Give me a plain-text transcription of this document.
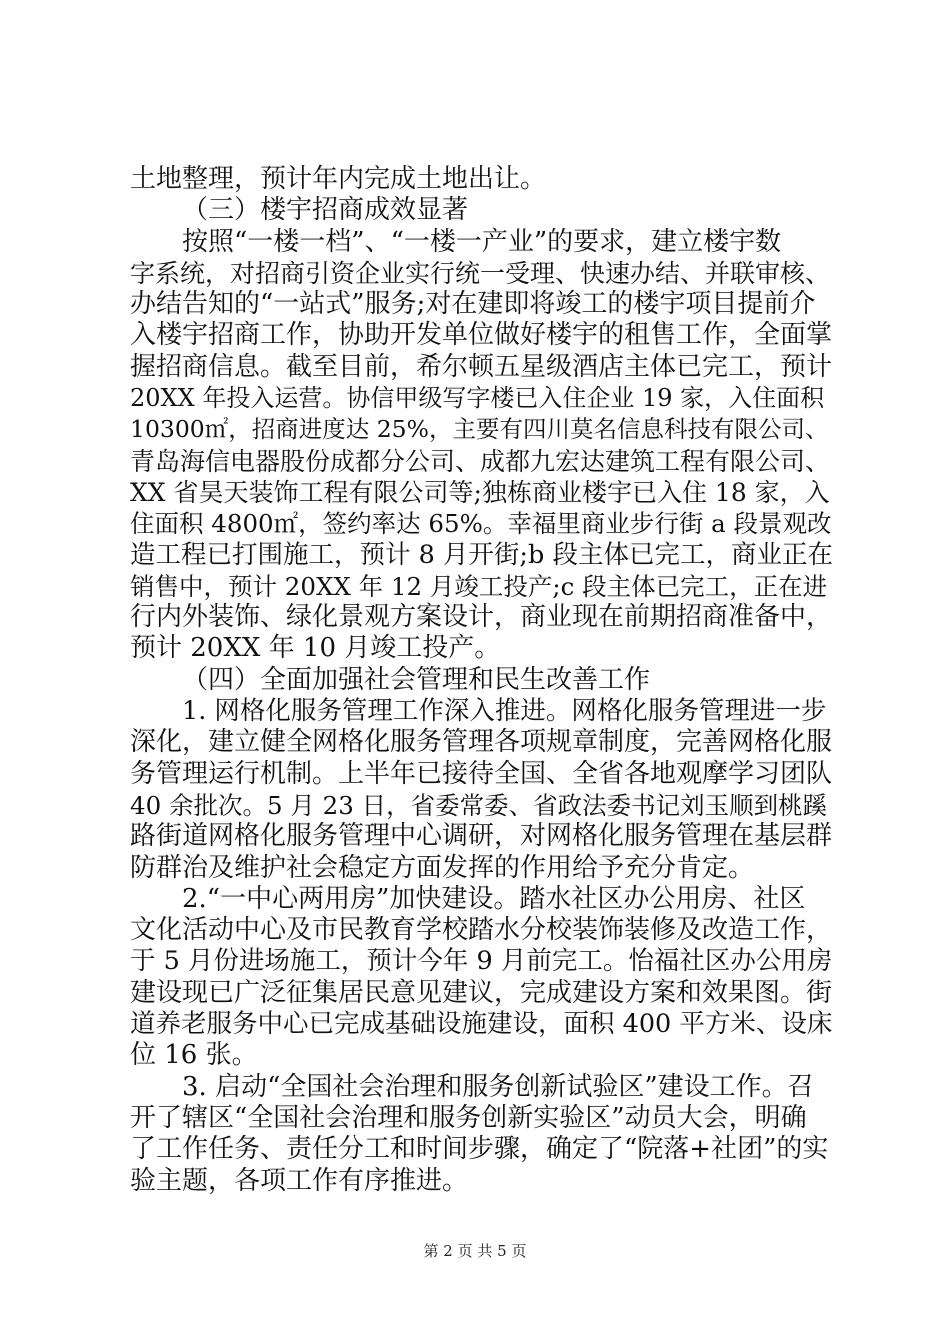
土地整理，预计年内完成土地出让。
（三）楼宇招商成效显著
按照“一楼一档”、“一楼一产业”的要求，建立楼宇数
字系统，对招商引资企业实行统一受理、快速办结、并联审核、
办结告知的“一站式”服务;对在建即将竣工的楼宇项目提前介
入楼宇招商工作，协助开发单位做好楼宇的租售工作，全面掌
握招商信息。截至目前，希尔顿五星级酒店主体已完工，预计
20XX 年投入运营。协信甲级写字楼已入住企业 19 家，入住面积
10300㎡，招商进度达 25%，主要有四川莫名信息科技有限公司、
青岛海信电器股份成都分公司、成都九宏达建筑工程有限公司、
XX 省昊天装饰工程有限公司等;独栋商业楼宇已入住 18 家，入
住面积 4800㎡，签约率达 65%。幸福里商业步行街 a 段景观改
造工程已打围施工，预计 8 月开街;b 段主体已完工，商业正在
销售中，预计 20XX 年 12 月竣工投产;c 段主体已完工，正在进
行内外装饰、绿化景观方案设计，商业现在前期招商准备中，
预计 20XX 年 10 月竣工投产。
（四）全面加强社会管理和民生改善工作
1. 网格化服务管理工作深入推进。网格化服务管理进一步
深化，建立健全网格化服务管理各项规章制度，完善网格化服
务管理运行机制。上半年已接待全国、全省各地观摩学习团队
40 余批次。5 月 23 日，省委常委、省政法委书记刘玉顺到桃蹊
路街道网格化服务管理中心调研，对网格化服务管理在基层群
防群治及维护社会稳定方面发挥的作用给予充分肯定。
2.“一中心两用房”加快建设。踏水社区办公用房、社区
文化活动中心及市民教育学校踏水分校装饰装修及改造工作，
于 5 月份进场施工，预计今年 9 月前完工。怡福社区办公用房
建设现已广泛征集居民意见建议，完成建设方案和效果图。街
道养老服务中心已完成基础设施建设，面积 400 平方米、设床
位 16 张。
3. 启动“全国社会治理和服务创新试验区”建设工作。召
开了辖区“全国社会治理和服务创新实验区”动员大会，明确
了工作任务、责任分工和时间步骤，确定了“院落+社团”的实
验主题，各项工作有序推进。
第 2 页 共 5 页
